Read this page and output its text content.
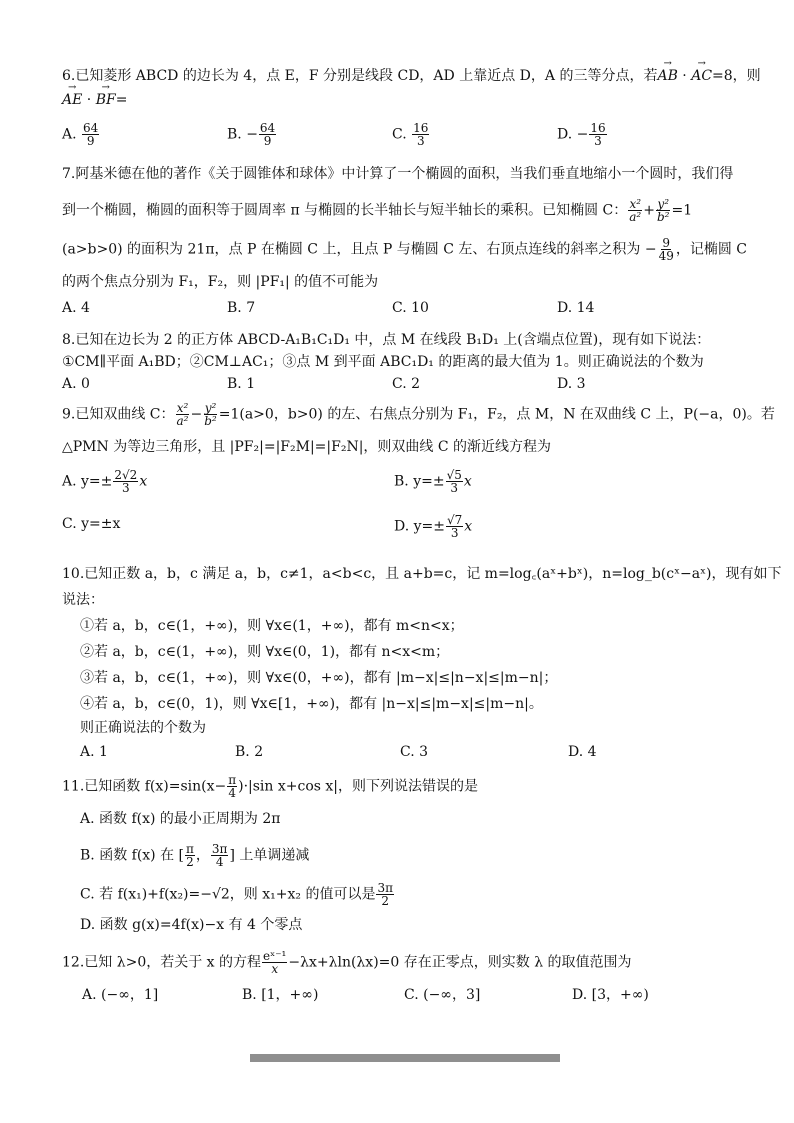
6.已知菱形 ABCD 的边长为 4，点 E，F 分别是线段 CD，AD 上靠近点 D，A 的三等分点，若→ AB · → AC=8，则
→ AE · → BF=
A. $\frac{64}{9}$	B. − $\frac{64}{9}$	C. $\frac{16}{3}$	D. − $\frac{16}{3}$
7.阿基米德在他的著作《关于圆锥体和球体》中计算了一个椭圆的面积，当我们垂直地缩小一个圆时，我们得
到一个椭圆，椭圆的面积等于圆周率 π 与椭圆的长半轴长与短半轴长的乘积。已知椭圆 C： $\frac{\text{x²}}{\text{a²}} + \frac{\text{y²}}{\text{b²}} =1$
(a>b>0) 的面积为 21π，点 P 在椭圆 C 上，且点 P 与椭圆 C 左、右顶点连线的斜率之积为 − $\frac{9}{49}$ ，记椭圆 C
的两个焦点分别为 F₁，F₂，则 |PF₁| 的值不可能为
A. 4	B. 7	C. 10	D. 14
8.已知在边长为 2 的正方体 ABCD-A₁B₁C₁D₁ 中，点 M 在线段 B₁D₁ 上(含端点位置)，现有如下说法：
①CM∥平面 A₁BD；②CM⊥AC₁；③点 M 到平面 ABC₁D₁ 的距离的最大值为 1。则正确说法的个数为
A. 0	B. 1	C. 2	D. 3
9.已知双曲线 C： $\frac{\text{x²}}{\text{a²}} - \frac{\text{y²}}{\text{b²}} =1(a>0$，b>0) 的左、右焦点分别为 F₁，F₂，点 M，N 在双曲线 C 上，P(−a，0)。若
△PMN 为等边三角形，且 |PF₂|=|F₂M|=|F₂N|，则双曲线 C 的渐近线方程为
A. $y=\pm \frac{2√2}{3}$ x	B. $y=\pm \frac{√5}{3}$ x
C. y=±x	D. $y=\pm \frac{√7}{3}$ x
10.已知正数 a，b，c 满足 a，b，c≠1，a<b<c，且 a+b=c，记 m=log꜀(aˣ+bˣ)，n=log_b(cˣ−aˣ)，现有如下
说法：
①若 a，b，c∈(1，+∞)，则 ∀x∈(1，+∞)，都有 m<n<x；
②若 a，b，c∈(1，+∞)，则 ∀x∈(0，1)，都有 n<x<m；
③若 a，b，c∈(1，+∞)，则 ∀x∈(0，+∞)，都有 |m−x|≤|n−x|≤|m−n|；
④若 a，b，c∈(0，1)，则 ∀x∈[1，+∞)，都有 |n−x|≤|m−x|≤|m−n|。
则正确说法的个数为
A. 1	B. 2	C. 3	D. 4
11.已知函数 $f(x)=\sin(x- \frac{\pi}{4} )\cdot|\sin$ x+cos x|，则下列说法错误的是
A. 函数 f(x) 的最小正周期为 2π
B. 函数 f(x) 在 [ $\frac{\pi}{2}$ ， $\frac{3\pi}{4}$ ] 上单调递减
C. 若 f(x₁)+f(x₂)=−√2，则 x₁+x₂ 的值可以是 $\frac{3\pi}{2}$
D. 函数 g(x)=4f(x)−x 有 4 个零点
12.已知 λ>0，若关于 x 的方程 $\frac{\text{eˣ⁻¹}}{x} -\lambda x+\lambda\ln(\lambda x)=0$ 存在正零点，则实数 λ 的取值范围为
A. (−∞，1]	B. [1，+∞)	C. (−∞，3]	D. [3，+∞)
